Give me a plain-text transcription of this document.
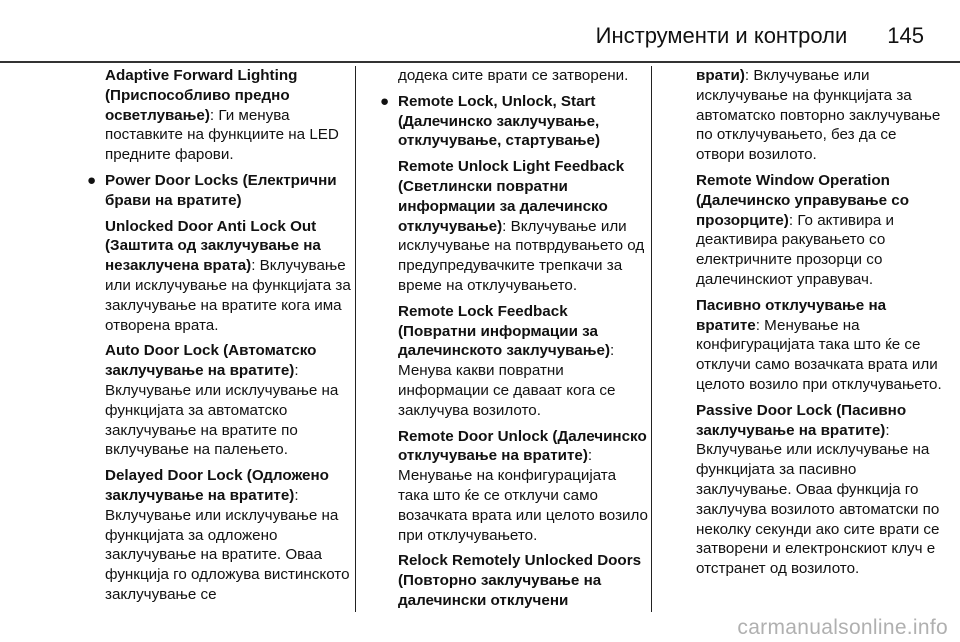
Инструменти и контроли 145

Adaptive Forward Lighting (Приспособливо предно осветлување): Ги менува поставките на функциите на LED предните фарови.

● Power Door Locks (Електрични брави на вратите)

Unlocked Door Anti Lock Out (Заштита од заклучување на незаклучена врата): Вклучување или исклучување на функцијата за заклучување на вратите кога има отворена врата.

Auto Door Lock (Автоматско заклучување на вратите): Вклучување или исклучување на функцијата за автоматско заклучување на вратите по вклучување на палењето.

Delayed Door Lock (Одложено заклучување на вратите): Вклучување или исклучување на функцијата за одложено заклучување на вратите. Оваа функција го одложува вистинското заклучување се

додека сите врати се затворени.

● Remote Lock, Unlock, Start (Далечинско заклучување, отклучување, стартување)

Remote Unlock Light Feedback (Светлински повратни информации за далечинско отклучување): Вклучување или исклучување на потврдувањето од предупредувачките трепкачи за време на отклучувањето.

Remote Lock Feedback (Повратни информации за далечинското заклучување): Менува какви повратни информации се даваат кога се заклучува возилото.

Remote Door Unlock (Далечинско отклучување на вратите): Менување на конфигурацијата така што ќе се отклучи само возачката врата или целото возило при отклучувањето.

Relock Remotely Unlocked Doors (Повторно заклучување на далечински отклучени

врати): Вклучување или исклучување на функцијата за автоматско повторно заклучување по отклучувањето, без да се отвори возилото.

Remote Window Operation (Далечинско управување со прозорците): Го активира и деактивира ракувањето со електричните прозорци со далечинскиот управувач.

Пасивно отклучување на вратите: Менување на конфигурацијата така што ќе се отклучи само возачката врата или целото возило при отклучувањето.

Passive Door Lock (Пасивно заклучување на вратите): Вклучување или исклучување на функцијата за пасивно заклучување. Оваа функција го заклучува возилото автоматски по неколку секунди ако сите врати се затворени и електронскиот клуч е отстранет од возилото.

carmanualsonline.info
